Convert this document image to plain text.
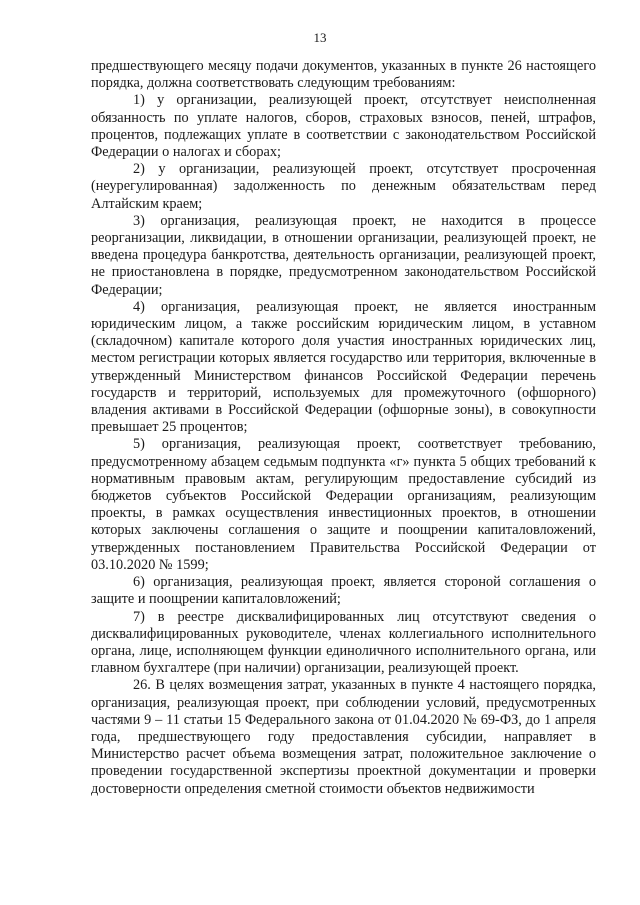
13

предшествующего месяцу подачи документов, указанных в пункте 26 настоящего порядка, должна соответствовать следующим требованиям:

1) у организации, реализующей проект, отсутствует неисполненная обязанность по уплате налогов, сборов, страховых взносов, пеней, штрафов, процентов, подлежащих уплате в соответствии с законодательством Российской Федерации о налогах и сборах;

2) у организации, реализующей проект, отсутствует просроченная (неурегулированная) задолженность по денежным обязательствам перед Алтайским краем;

3) организация, реализующая проект, не находится в процессе реорганизации, ликвидации, в отношении организации, реализующей проект, не введена процедура банкротства, деятельность организации, реализующей проект, не приостановлена в порядке, предусмотренном законодательством Российской Федерации;

4) организация, реализующая проект, не является иностранным юридическим лицом, а также российским юридическим лицом, в уставном (складочном) капитале которого доля участия иностранных юридических лиц, местом регистрации которых является государство или территория, включенные в утвержденный Министерством финансов Российской Федерации перечень государств и территорий, используемых для промежуточного (офшорного) владения активами в Российской Федерации (офшорные зоны), в совокупности превышает 25 процентов;

5) организация, реализующая проект, соответствует требованию, предусмотренному абзацем седьмым подпункта «г» пункта 5 общих требований к нормативным правовым актам, регулирующим предоставление субсидий из бюджетов субъектов Российской Федерации организациям, реализующим проекты, в рамках осуществления инвестиционных проектов, в отношении которых заключены соглашения о защите и поощрении капиталовложений, утвержденных постановлением Правительства Российской Федерации от 03.10.2020 № 1599;

6) организация, реализующая проект, является стороной соглашения о защите и поощрении капиталовложений;

7) в реестре дисквалифицированных лиц отсутствуют сведения о дисквалифицированных руководителе, членах коллегиального исполнительного органа, лице, исполняющем функции единоличного исполнительного органа, или главном бухгалтере (при наличии) организации, реализующей проект.

26. В целях возмещения затрат, указанных в пункте 4 настоящего порядка, организация, реализующая проект, при соблюдении условий, предусмотренных частями 9 – 11 статьи 15 Федерального закона от 01.04.2020 № 69-ФЗ, до 1 апреля года, предшествующего году предоставления субсидии, направляет в Министерство расчет объема возмещения затрат, положительное заключение о проведении государственной экспертизы проектной документации и проверки достоверности определения сметной стоимости объектов недвижимости
